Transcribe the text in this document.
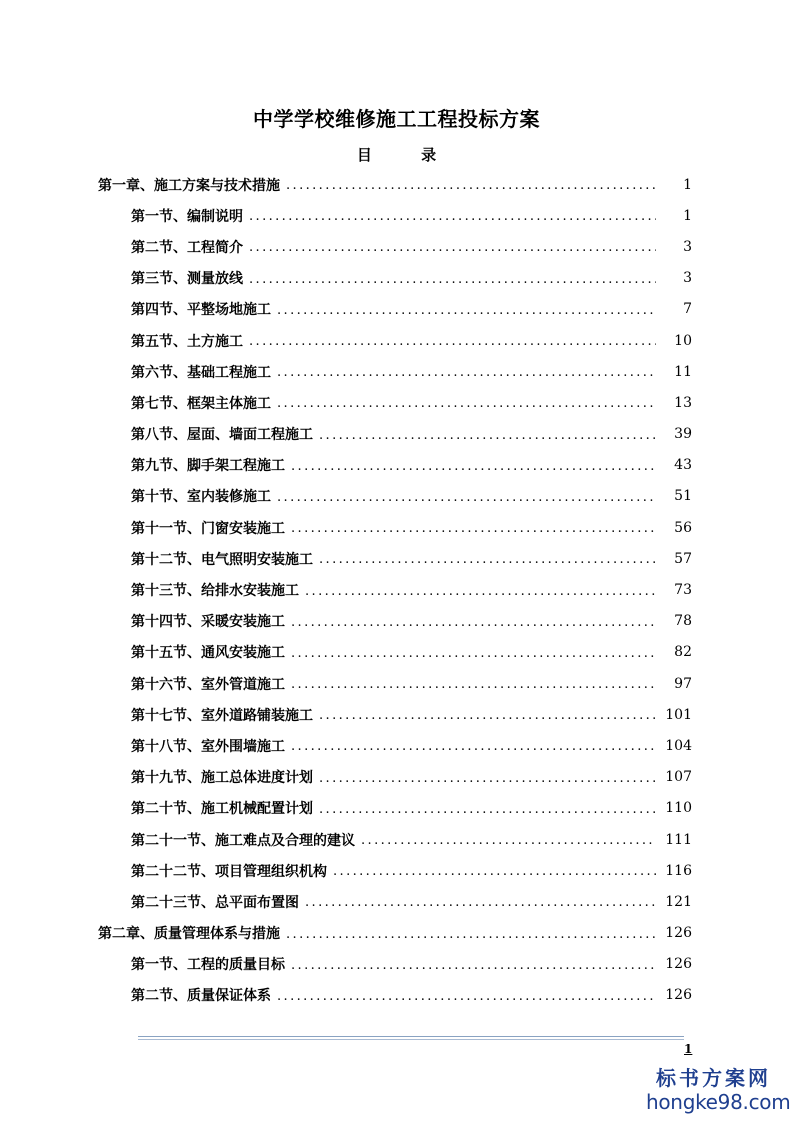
中学学校维修施工工程投标方案
目 录
第一章、施工方案与技术措施 .....	1
第一节、编制说明 .....	1
第二节、工程简介 .....	3
第三节、测量放线 .....	3
第四节、平整场地施工 .....	7
第五节、土方施工 .....	10
第六节、基础工程施工 .....	11
第七节、框架主体施工 .....	13
第八节、屋面、墙面工程施工 .....	39
第九节、脚手架工程施工 .....	43
第十节、室内装修施工 .....	51
第十一节、门窗安装施工 .....	56
第十二节、电气照明安装施工 .....	57
第十三节、给排水安装施工 .....	73
第十四节、采暖安装施工 .....	78
第十五节、通风安装施工 .....	82
第十六节、室外管道施工 .....	97
第十七节、室外道路铺装施工 .....	101
第十八节、室外围墙施工 .....	104
第十九节、施工总体进度计划 .....	107
第二十节、施工机械配置计划 .....	110
第二十一节、施工难点及合理的建议 .....	111
第二十二节、项目管理组织机构 .....	116
第二十三节、总平面布置图 .....	121
第二章、质量管理体系与措施 .....	126
第一节、工程的质量目标 .....	126
第二节、质量保证体系 .....	126
1
标书方案网
hongke98.com
